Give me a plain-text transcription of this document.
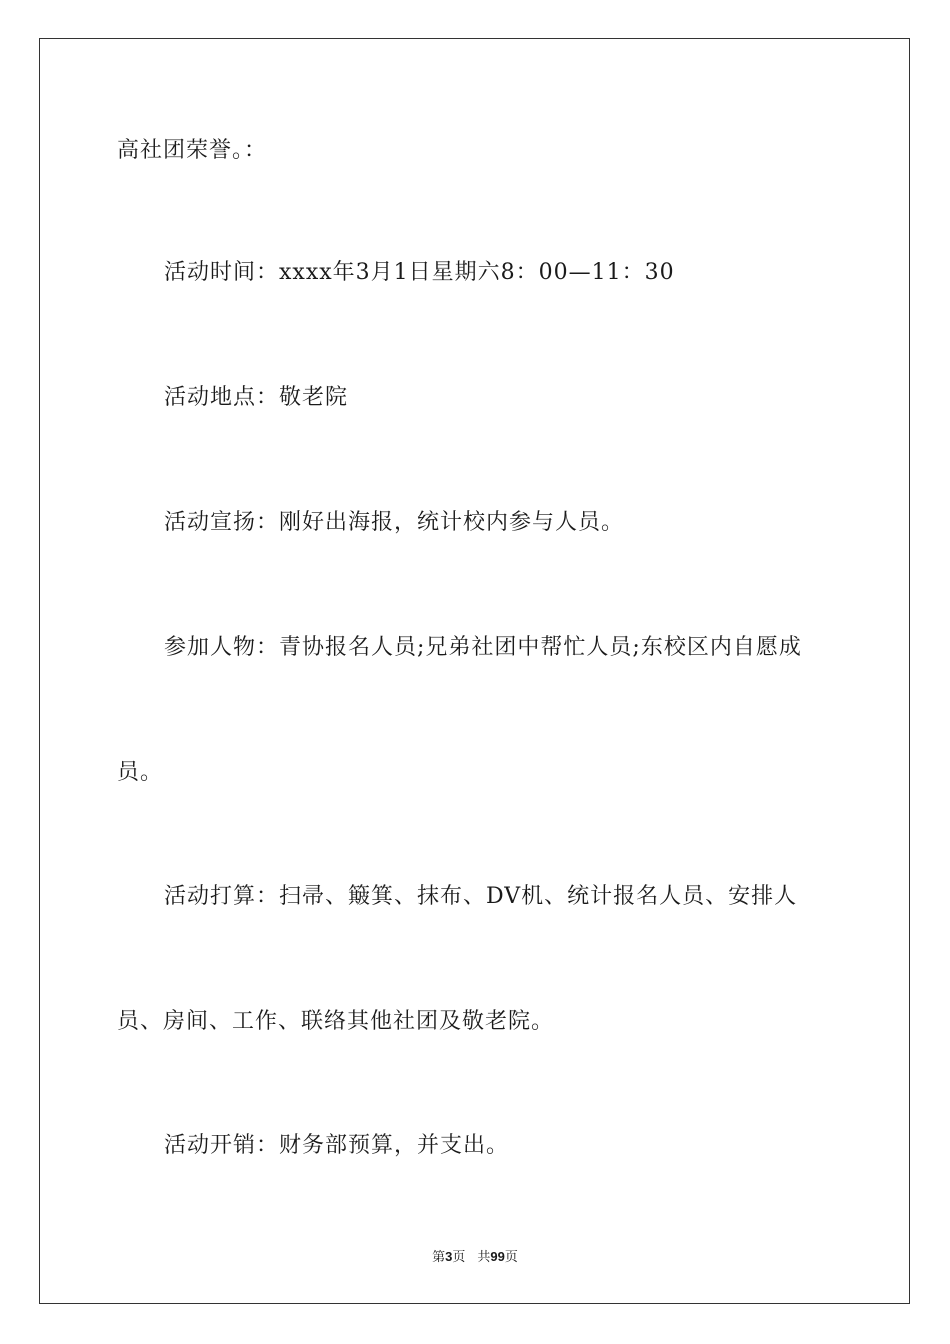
高社团荣誉。：
活动时间：xxxx年3月1日星期六8：00—11：30
活动地点：敬老院
活动宣扬：刚好出海报，统计校内参与人员。
参加人物：青协报名人员;兄弟社团中帮忙人员;东校区内自愿成
员。
活动打算：扫帚、簸箕、抹布、DV机、统计报名人员、安排人
员、房间、工作、联络其他社团及敬老院。
活动开销：财务部预算，并支出。
第3页 共99页
